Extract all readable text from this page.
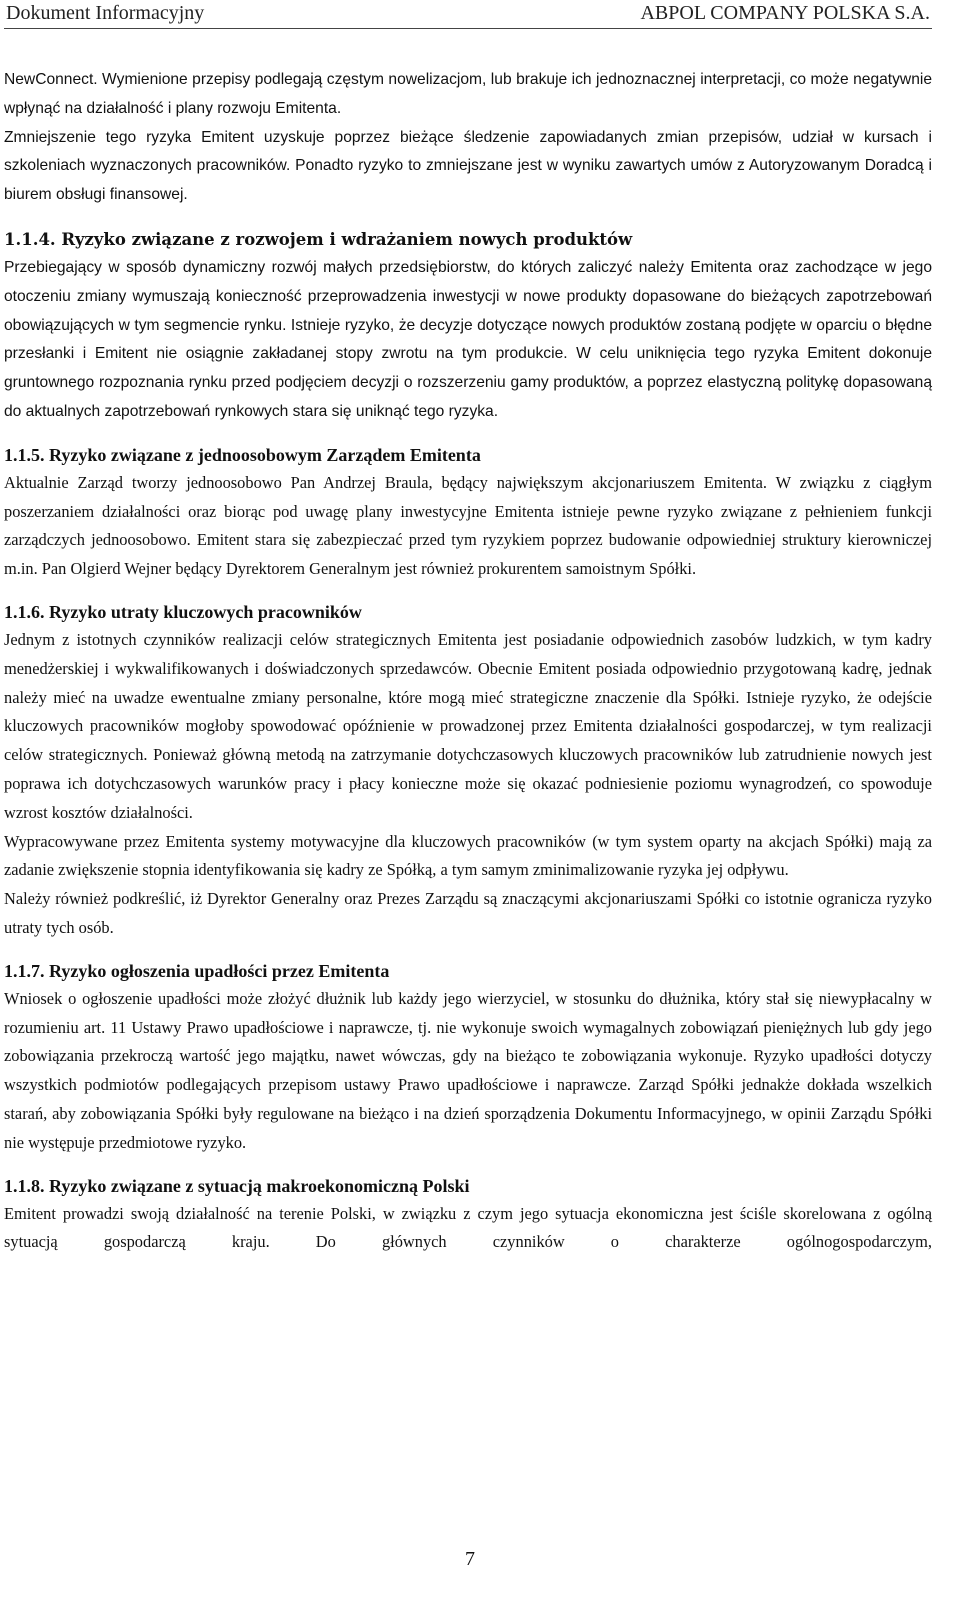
Dokument Informacyjny	ABPOL COMPANY POLSKA S.A.

NewConnect. Wymienione przepisy podlegają częstym nowelizacjom, lub brakuje ich jednoznacznej interpretacji, co może negatywnie wpłynąć na działalność i plany rozwoju Emitenta.

Zmniejszenie tego ryzyka Emitent uzyskuje poprzez bieżące śledzenie zapowiadanych zmian przepisów, udział w kursach i szkoleniach wyznaczonych pracowników. Ponadto ryzyko to zmniejszane jest w wyniku zawartych umów z Autoryzowanym Doradcą i biurem obsługi finansowej.

1.1.4. Ryzyko związane z rozwojem i wdrażaniem nowych produktów

Przebiegający w sposób dynamiczny rozwój małych przedsiębiorstw, do których zaliczyć należy Emitenta oraz zachodzące w jego otoczeniu zmiany wymuszają konieczność przeprowadzenia inwestycji w nowe produkty dopasowane do bieżących zapotrzebowań obowiązujących w tym segmencie rynku. Istnieje ryzyko, że decyzje dotyczące nowych produktów zostaną podjęte w oparciu o błędne przesłanki i Emitent nie osiągnie zakładanej stopy zwrotu na tym produkcie. W celu uniknięcia tego ryzyka Emitent dokonuje gruntownego rozpoznania rynku przed podjęciem decyzji o rozszerzeniu gamy produktów, a poprzez elastyczną politykę dopasowaną do aktualnych zapotrzebowań rynkowych stara się uniknąć tego ryzyka.

1.1.5. Ryzyko związane z jednoosobowym Zarządem Emitenta

Aktualnie Zarząd tworzy jednoosobowo Pan Andrzej Braula, będący największym akcjonariuszem Emitenta. W związku z ciągłym poszerzaniem działalności oraz biorąc pod uwagę plany inwestycyjne Emitenta istnieje pewne ryzyko związane z pełnieniem funkcji zarządczych jednoosobowo. Emitent stara się zabezpieczać przed tym ryzykiem poprzez budowanie odpowiedniej struktury kierowniczej m.in. Pan Olgierd Wejner będący Dyrektorem Generalnym jest również prokurentem samoistnym Spółki.

1.1.6. Ryzyko utraty kluczowych pracowników

Jednym z istotnych czynników realizacji celów strategicznych Emitenta jest posiadanie odpowiednich zasobów ludzkich, w tym kadry menedżerskiej i wykwalifikowanych i doświadczonych sprzedawców. Obecnie Emitent posiada odpowiednio przygotowaną kadrę, jednak należy mieć na uwadze ewentualne zmiany personalne, które mogą mieć strategiczne znaczenie dla Spółki. Istnieje ryzyko, że odejście kluczowych pracowników mogłoby spowodować opóźnienie w prowadzonej przez Emitenta działalności gospodarczej, w tym realizacji celów strategicznych. Ponieważ główną metodą na zatrzymanie dotychczasowych kluczowych pracowników lub zatrudnienie nowych jest poprawa ich dotychczasowych warunków pracy i płacy konieczne może się okazać podniesienie poziomu wynagrodzeń, co spowoduje wzrost kosztów działalności.

Wypracowywane przez Emitenta systemy motywacyjne dla kluczowych pracowników (w tym system oparty na akcjach Spółki) mają za zadanie zwiększenie stopnia identyfikowania się kadry ze Spółką, a tym samym zminimalizowanie ryzyka jej odpływu.

Należy również podkreślić, iż Dyrektor Generalny oraz Prezes Zarządu są znaczącymi akcjonariuszami Spółki co istotnie ogranicza ryzyko utraty tych osób.

1.1.7. Ryzyko ogłoszenia upadłości przez Emitenta

Wniosek o ogłoszenie upadłości może złożyć dłużnik lub każdy jego wierzyciel, w stosunku do dłużnika, który stał się niewypłacalny w rozumieniu art. 11 Ustawy Prawo upadłościowe i naprawcze, tj. nie wykonuje swoich wymagalnych zobowiązań pieniężnych lub gdy jego zobowiązania przekroczą wartość jego majątku, nawet wówczas, gdy na bieżąco te zobowiązania wykonuje. Ryzyko upadłości dotyczy wszystkich podmiotów podlegających przepisom ustawy Prawo upadłościowe i naprawcze. Zarząd Spółki jednakże dokłada wszelkich starań, aby zobowiązania Spółki były regulowane na bieżąco i na dzień sporządzenia Dokumentu Informacyjnego, w opinii Zarządu Spółki nie występuje przedmiotowe ryzyko.

1.1.8. Ryzyko związane z sytuacją makroekonomiczną Polski

Emitent prowadzi swoją działalność na terenie Polski, w związku z czym jego sytuacja ekonomiczna jest ściśle skorelowana z ogólną sytuacją gospodarczą kraju. Do głównych czynników o charakterze ogólnogospodarczym,

7
